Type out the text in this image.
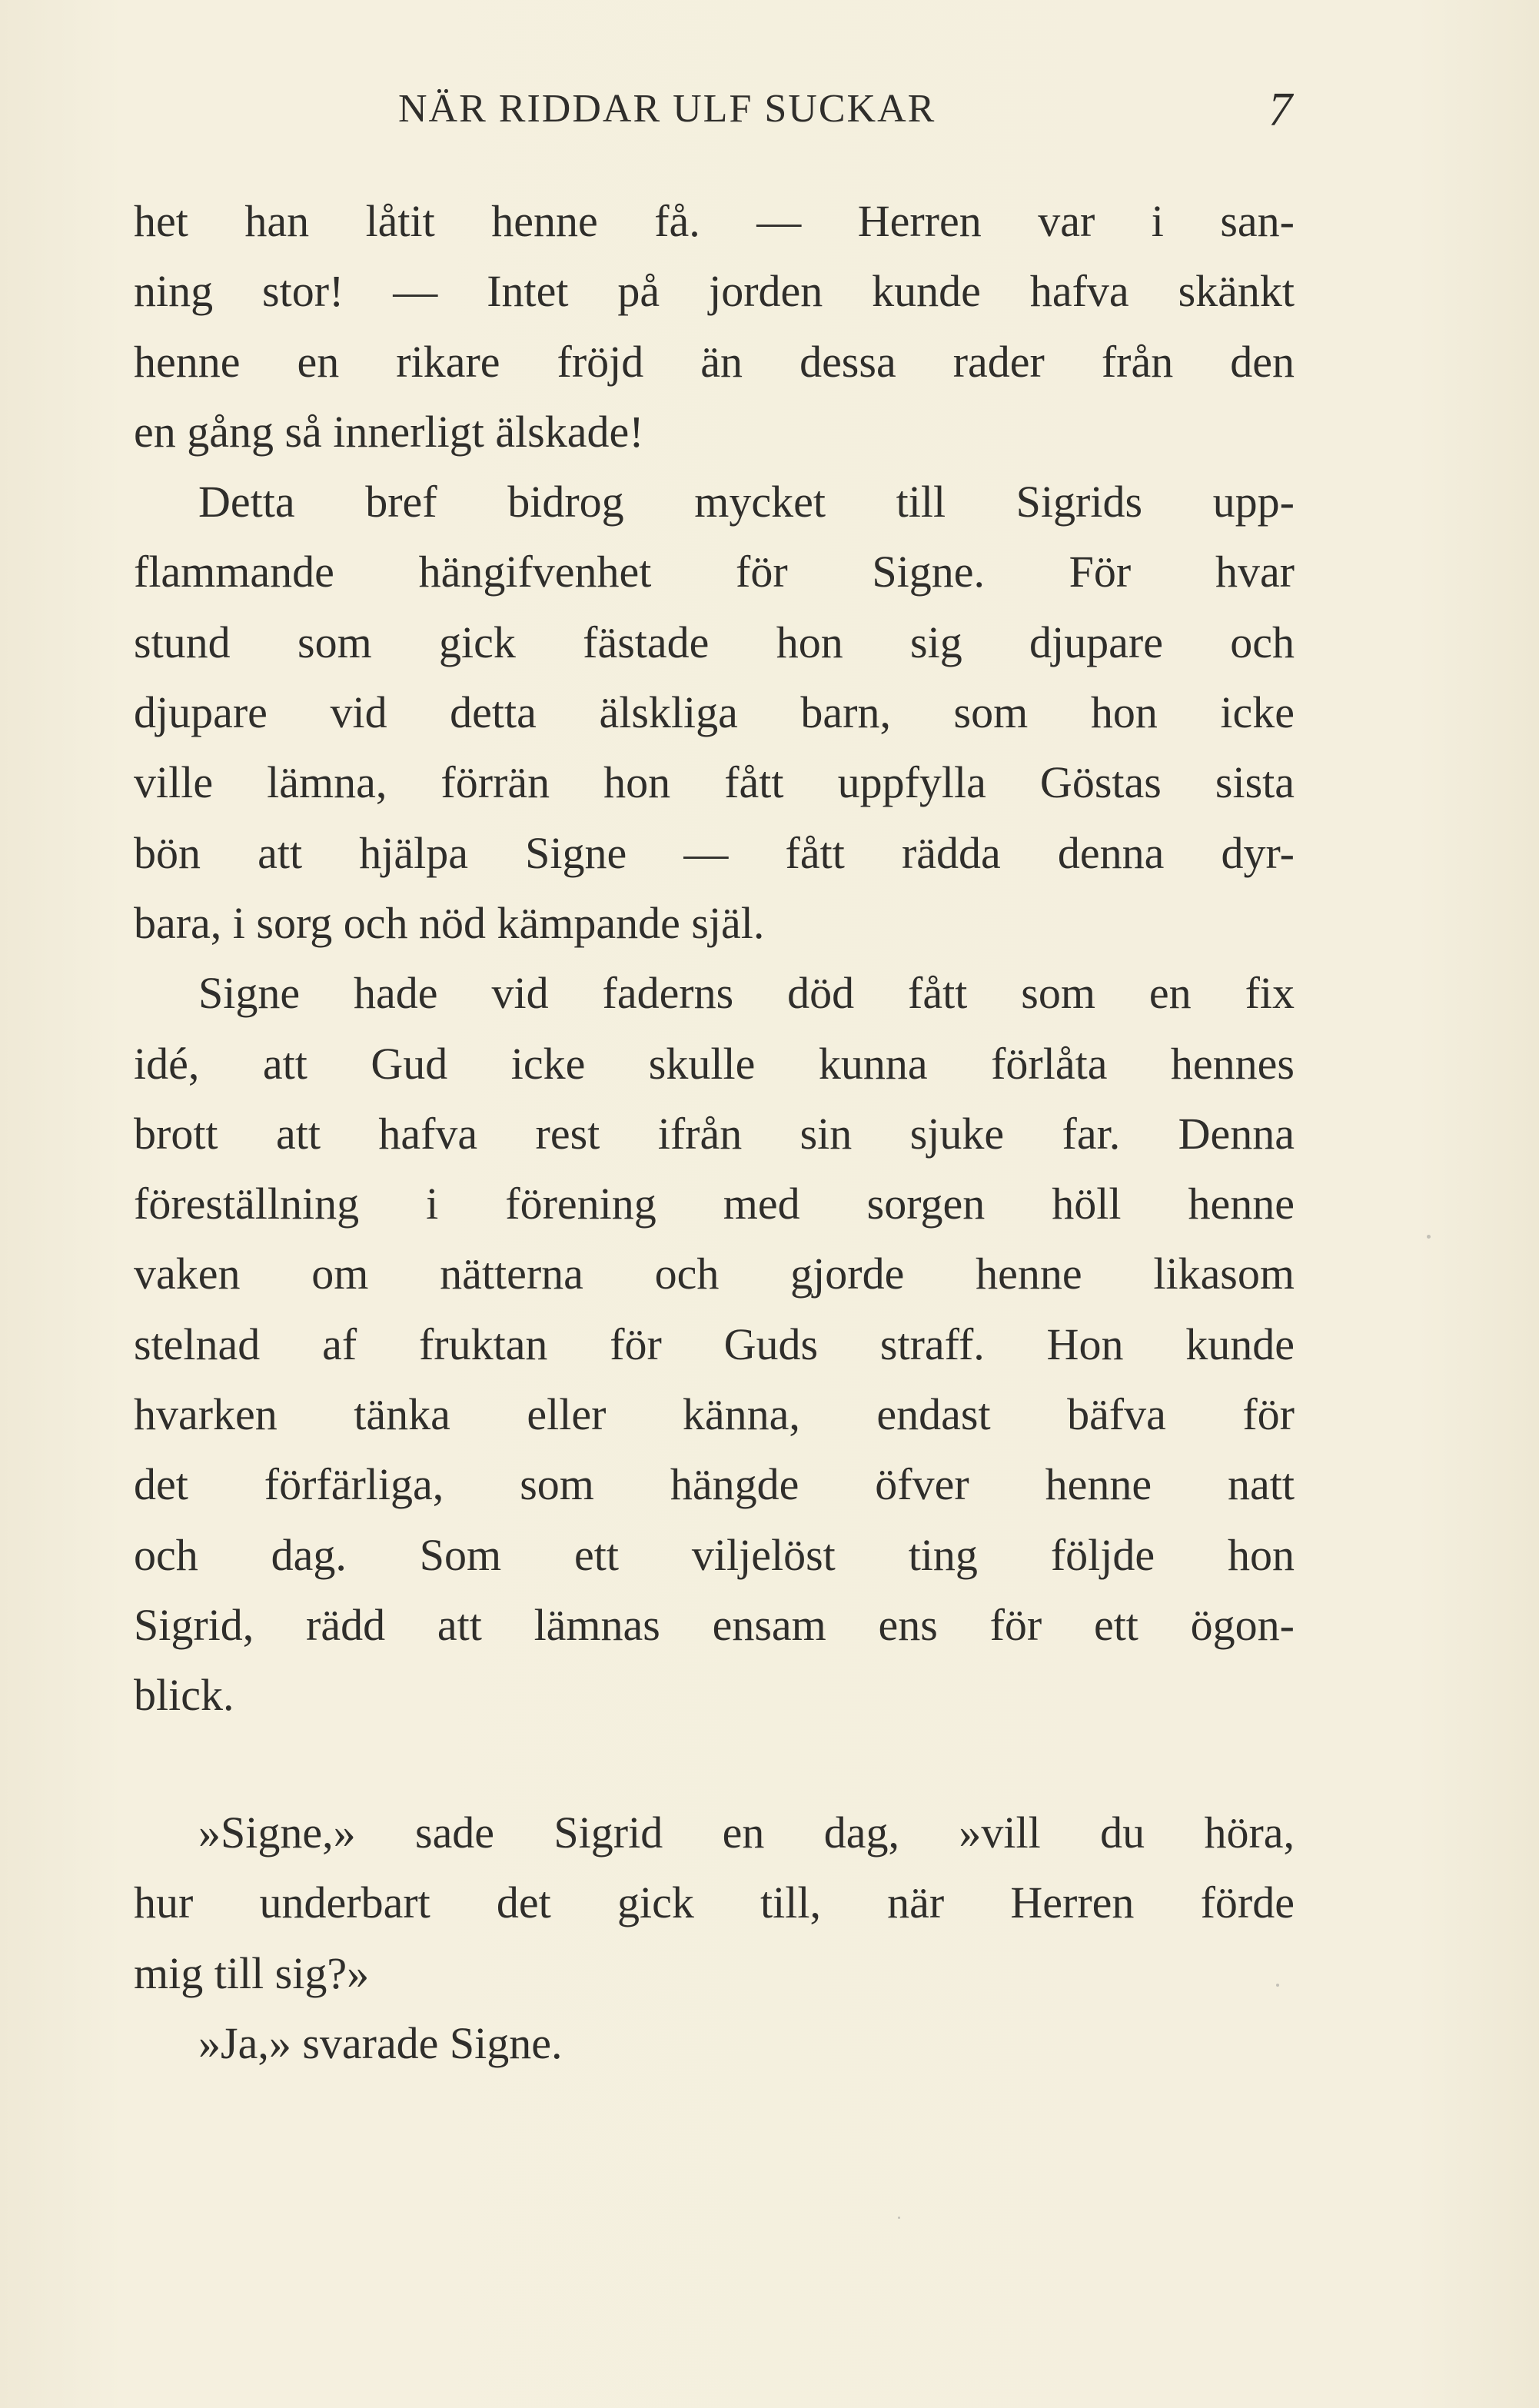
NÄR RIDDAR ULF SUCKAR	7
het han låtit henne få. — Herren var i san-
ning stor! — Intet på jorden kunde hafva skänkt
henne en rikare fröjd än dessa rader från den
en gång så innerligt älskade!
Detta bref bidrog mycket till Sigrids upp-
flammande hängifvenhet för Signe. För hvar
stund som gick fästade hon sig djupare och
djupare vid detta älskliga barn, som hon icke
ville lämna, förrän hon fått uppfylla Göstas sista
bön att hjälpa Signe — fått rädda denna dyr-
bara, i sorg och nöd kämpande själ.
Signe hade vid faderns död fått som en fix
idé, att Gud icke skulle kunna förlåta hennes
brott att hafva rest ifrån sin sjuke far. Denna
föreställning i förening med sorgen höll henne
vaken om nätterna och gjorde henne likasom
stelnad af fruktan för Guds straff. Hon kunde
hvarken tänka eller känna, endast bäfva för
det förfärliga, som hängde öfver henne natt
och dag. Som ett viljelöst ting följde hon
Sigrid, rädd att lämnas ensam ens för ett ögon-
blick.
»Signe,» sade Sigrid en dag, »vill du höra,
hur underbart det gick till, när Herren förde
mig till sig?»
»Ja,» svarade Signe.
